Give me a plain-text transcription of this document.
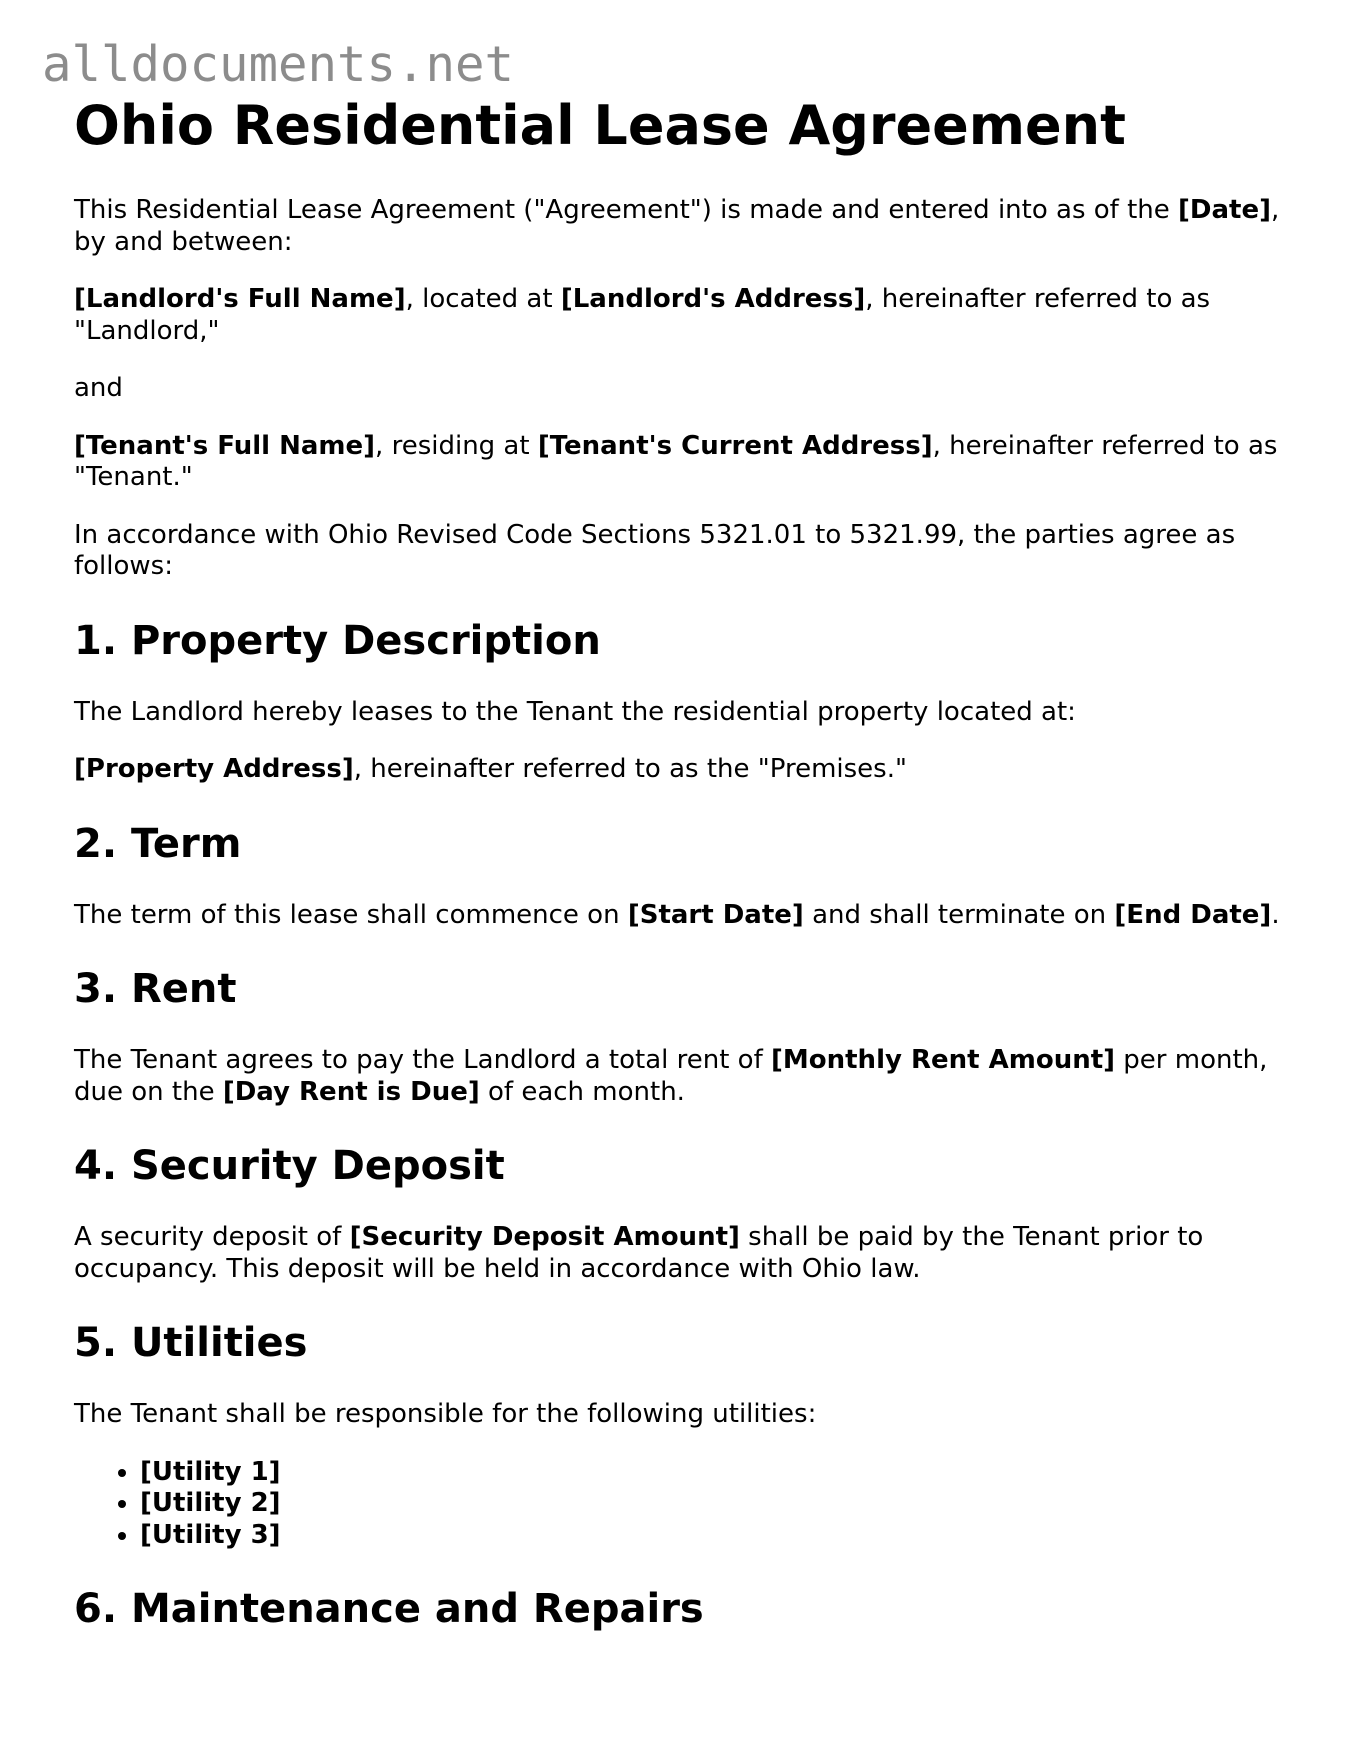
alldocuments.net
Ohio Residential Lease Agreement

This Residential Lease Agreement ("Agreement") is made and entered into as of the [Date], by and between:

[Landlord's Full Name], located at [Landlord's Address], hereinafter referred to as "Landlord,"

and

[Tenant's Full Name], residing at [Tenant's Current Address], hereinafter referred to as "Tenant."

In accordance with Ohio Revised Code Sections 5321.01 to 5321.99, the parties agree as follows:

1. Property Description

The Landlord hereby leases to the Tenant the residential property located at:

[Property Address], hereinafter referred to as the "Premises."

2. Term

The term of this lease shall commence on [Start Date] and shall terminate on [End Date].

3. Rent

The Tenant agrees to pay the Landlord a total rent of [Monthly Rent Amount] per month, due on the [Day Rent is Due] of each month.

4. Security Deposit

A security deposit of [Security Deposit Amount] shall be paid by the Tenant prior to occupancy. This deposit will be held in accordance with Ohio law.

5. Utilities

The Tenant shall be responsible for the following utilities:

• [Utility 1]
• [Utility 2]
• [Utility 3]
6. Maintenance and Repairs
